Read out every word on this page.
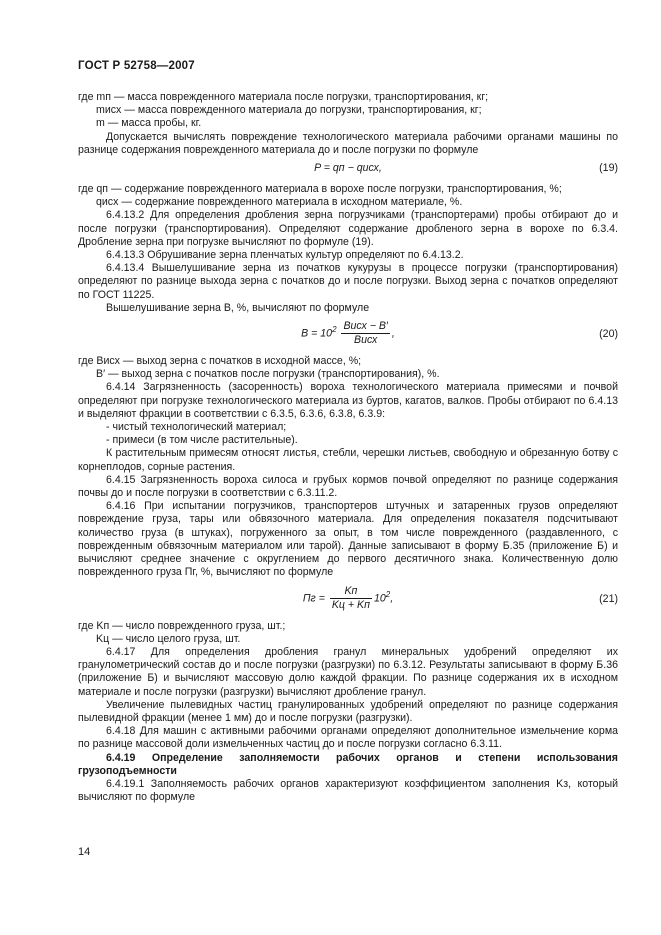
ГОСТ Р 52758—2007

где mп — масса поврежденного материала после погрузки, транспортирования, кг;

mисх — масса поврежденного материала до погрузки, транспортирования, кг;

m — масса пробы, кг.

Допускается вычислять повреждение технологического материала рабочими органами машины по разнице содержания поврежденного материала до и после погрузки по формуле

P = qп − qисх,	(19)

где qп — содержание поврежденного материала в ворохе после погрузки, транспортирования, %;

qисх — содержание поврежденного материала в исходном материале, %.

6.4.13.2 Для определения дробления зерна погрузчиками (транспортерами) пробы отбирают до и после погрузки (транспортирования). Определяют содержание дробленого зерна в ворохе по 6.3.4. Дробление зерна при погрузке вычисляют по формуле (19).

6.4.13.3 Обрушивание зерна пленчатых культур определяют по 6.4.13.2.

6.4.13.4 Вышелушивание зерна из початков кукурузы в процессе погрузки (транспортирования) определяют по разнице выхода зерна с початков до и после погрузки. Выход зерна с початков определяют по ГОСТ 11225.

Вышелушивание зерна B, %, вычисляют по формуле

$B = 10^2 \frac{\text{Bисх − B′}}{\text{Bисх}}$ ,	(20)

где Bисх — выход зерна с початков в исходной массе, %;

B′ — выход зерна с початков после погрузки (транспортирования), %.

6.4.14 Загрязненность (засоренность) вороха технологического материала примесями и почвой определяют при погрузке технологического материала из буртов, кагатов, валков. Пробы отбирают по 6.4.13 и выделяют фракции в соответствии с 6.3.5, 6.3.6, 6.3.8, 6.3.9:

- чистый технологический материал;

- примеси (в том числе растительные).

К растительным примесям относят листья, стебли, черешки листьев, свободную и обрезанную ботву с корнеплодов, сорные растения.

6.4.15 Загрязненность вороха силоса и грубых кормов почвой определяют по разнице содержания почвы до и после погрузки в соответствии с 6.3.11.2.

6.4.16 При испытании погрузчиков, транспортеров штучных и затаренных грузов определяют повреждение груза, тары или обвязочного материала. Для определения показателя подсчитывают количество груза (в штуках), погруженного за опыт, в том числе поврежденного (раздавленного, с поврежденным обвязочным материалом или тарой). Данные записывают в форму Б.35 (приложение Б) и вычисляют среднее значение с округлением до первого десятичного знака. Количественную долю поврежденного груза Пг, %, вычисляют по формуле

Пг = $\frac{Kп}{Kц + Kп} 10^2$,	(21)

где Kп — число поврежденного груза, шт.;

Kц — число целого груза, шт.

6.4.17 Для определения дробления гранул минеральных удобрений определяют их гранулометрический состав до и после погрузки (разгрузки) по 6.3.12. Результаты записывают в форму Б.36 (приложение Б) и вычисляют массовую долю каждой фракции. По разнице содержания их в исходном материале и после погрузки (разгрузки) вычисляют дробление гранул.

Увеличение пылевидных частиц гранулированных удобрений определяют по разнице содержания пылевидной фракции (менее 1 мм) до и после погрузки (разгрузки).

6.4.18 Для машин с активными рабочими органами определяют дополнительное измельчение корма по разнице массовой доли измельченных частиц до и после погрузки согласно 6.3.11.

6.4.19 Определение заполняемости рабочих органов и степени использования грузоподъемности

6.4.19.1 Заполняемость рабочих органов характеризуют коэффициентом заполнения Kз, который вычисляют по формуле

14
